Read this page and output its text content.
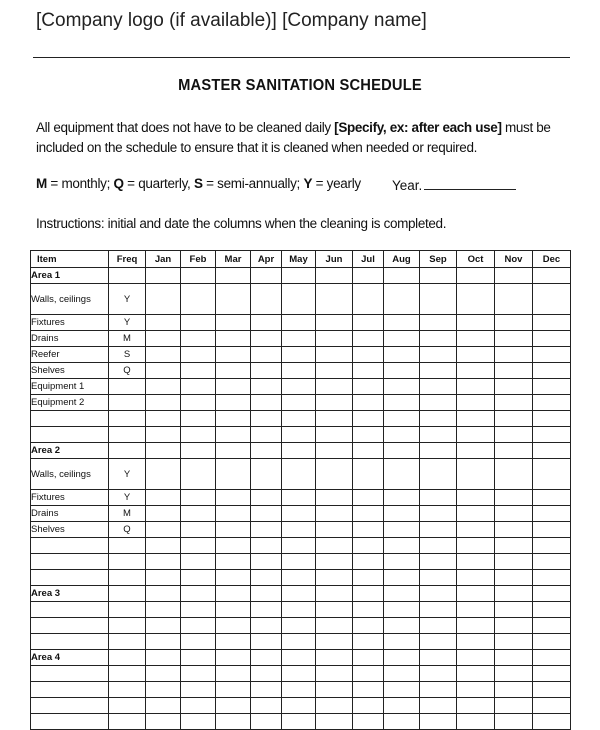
[Company logo (if available)] [Company name]
MASTER SANITATION SCHEDULE
All equipment that does not have to be cleaned daily [Specify, ex: after each use] must be included on the schedule to ensure that it is cleaned when needed or required.
M = monthly; Q = quarterly, S = semi-annually; Y = yearly Year.
Instructions: initial and date the columns when the cleaning is completed.
Item	Freq	Jan	Feb	Mar	Apr	May	Jun	Jul	Aug	Sep	Oct	Nov	Dec
Area 1													
Walls, ceilings	Y												
Fixtures	Y												
Drains	M												
Reefer	S												
Shelves	Q												
Equipment 1													
Equipment 2													

Area 2													
Walls, ceilings	Y												
Fixtures	Y												
Drains	M												
Shelves	Q												

Area 3													

Area 4													
